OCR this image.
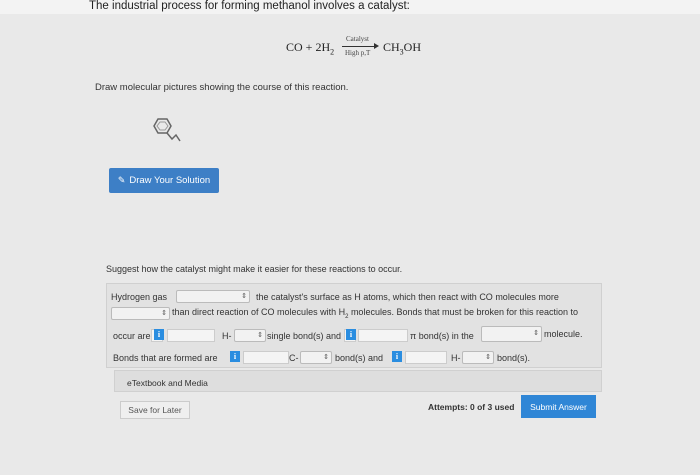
The industrial process for forming methanol involves a catalyst:
CO + $2H_2$
Catalyst
High p,T $CH_3OH$
Draw molecular pictures showing the course of this reaction.
✎ Draw Your Solution
Suggest how the catalyst might make it easier for these reactions to occur.
Hydrogen gas	⇕ the catalyst's surface as H atoms, which then react with CO molecules more
⇕ than direct reaction of CO molecules with $H_2$ molecules. Bonds that must be broken for this reaction to
occur are i	H-	⇕ single bond(s) and	i	π bond(s) in the	⇕ molecule.
Bonds that are formed are	i	C-	⇕ bond(s) and	i	H-	⇕ bond(s).
eTextbook and Media
Save for Later	Attempts: 0 of 3 used	Submit Answer
